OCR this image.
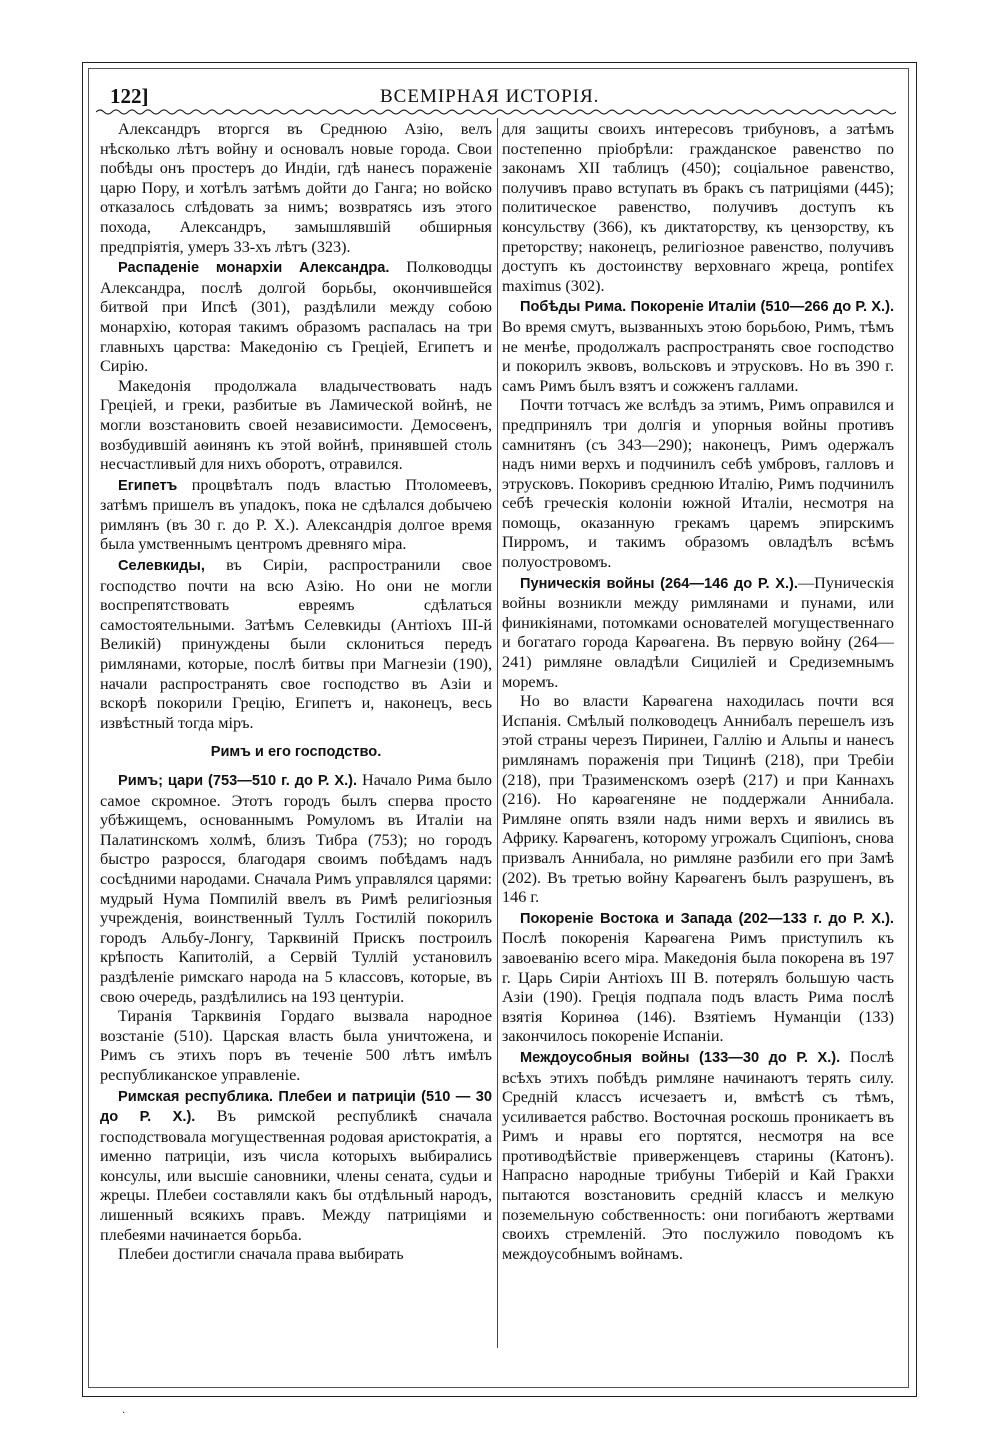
122]	ВСЕМIРНАЯ ИСТОРIЯ.

Александръ вторгся въ Среднюю Азію, велъ нѣсколько лѣтъ войну и основалъ новые города. Свои побѣды онъ простеръ до Индіи, гдѣ нанесъ пораженіе царю Пору, и хотѣлъ затѣмъ дойти до Ганга; но войско отказалось слѣдовать за нимъ; возвратясь изъ этого похода, Александръ, замышлявшій обширныя предпріятія, умеръ 33-хъ лѣтъ (323).

Распаденіе монархіи Александра. Полководцы Александра, послѣ долгой борьбы, окончившейся битвой при Ипсѣ (301), раздѣлили между собою монархію, которая такимъ образомъ распалась на три главныхъ царства: Македонію съ Греціей, Египетъ и Сирію.

Македонія продолжала владычествовать надъ Греціей, и греки, разбитые въ Ламической войнѣ, не могли возстановить своей независимости. Демосѳенъ, возбудившій аѳинянъ къ этой войнѣ, принявшей столь несчастливый для нихъ оборотъ, отравился.

Египетъ процвѣталъ подъ властью Птоломеевъ, затѣмъ пришелъ въ упадокъ, пока не сдѣлался добычею римлянъ (въ 30 г. до Р. Х.). Александрія долгое время была умственнымъ центромъ древняго міра.

Селевкиды, въ Сиріи, распространили свое господство почти на всю Азію. Но они не могли воспрепятствовать евреямъ сдѣлаться самостоятельными. Затѣмъ Селевкиды (Антіохъ III-й Великій) принуждены были склониться передъ римлянами, которые, послѣ битвы при Магнезіи (190), начали распространять свое господство въ Азіи и вскорѣ покорили Грецію, Египетъ и, наконецъ, весь извѣстный тогда міръ.

Римъ и его господство.

Римъ; цари (753—510 г. до Р. Х.). Начало Рима было самое скромное. Этотъ городъ былъ сперва просто убѣжищемъ, основаннымъ Ромуломъ въ Италіи на Палатинскомъ холмѣ, близъ Тибра (753); но городъ быстро разросся, благодаря своимъ побѣдамъ надъ сосѣдними народами. Сначала Римъ управлялся царями: мудрый Нума Помпилій ввелъ въ Римѣ религіозныя учрежденія, воинственный Туллъ Гостилій покорилъ городъ Альбу-Лонгу, Тарквиній Прискъ построилъ крѣпость Капитолій, а Сервій Туллій установилъ раздѣленіе римскаго народа на 5 классовъ, которые, въ свою очередь, раздѣлились на 193 центуріи.

Тиранія Тарквинія Гордаго вызвала народное возстаніе (510). Царская власть была уничтожена, и Римъ съ этихъ поръ въ теченіе 500 лѣтъ имѣлъ республиканское управленіе.

Римская республика. Плебеи и патриціи (510 — 30 до Р. Х.). Въ римской республикѣ сначала господствовала могущественная родовая аристократія, а именно патриціи, изъ числа которыхъ выбирались консулы, или высшіе сановники, члены сената, судьи и жрецы. Плебеи составляли какъ бы отдѣльный народъ, лишенный всякихъ правъ. Между патриціями и плебеями начинается борьба.

Плебеи достигли сначала права выбирать

для защиты своихъ интересовъ трибуновъ, а затѣмъ постепенно пріобрѣли: гражданское равенство по законамъ XII таблицъ (450); соціальное равенство, получивъ право вступать въ бракъ съ патриціями (445); политическое равенство, получивъ доступъ къ консульству (366), къ диктаторству, къ цензорству, къ преторству; наконецъ, религіозное равенство, получивъ доступъ къ достоинству верховнаго жреца, pontifex maximus (302).

Побѣды Рима. Покореніе Италіи (510—266 до Р. Х.). Во время смутъ, вызванныхъ этою борьбою, Римъ, тѣмъ не менѣе, продолжалъ распространять свое господство и покорилъ эквовъ, вольсковъ и этрусковъ. Но въ 390 г. самъ Римъ былъ взятъ и сожженъ галлами.

Почти тотчасъ же вслѣдъ за этимъ, Римъ оправился и предпринялъ три долгія и упорныя войны противъ самнитянъ (съ 343—290); наконецъ, Римъ одержалъ надъ ними верхъ и подчинилъ себѣ умбровъ, галловъ и этрусковъ. Покоривъ среднюю Италію, Римъ подчинилъ себѣ греческія колоніи южной Италіи, несмотря на помощь, оказанную грекамъ царемъ эпирскимъ Пирромъ, и такимъ образомъ овладѣлъ всѣмъ полуостровомъ.

Пуническія войны (264—146 до Р. Х.).—Пуническія войны возникли между римлянами и пунами, или финикіянами, потомками основателей могущественнаго и богатаго города Карѳагена. Въ первую войну (264—241) римляне овладѣли Сициліей и Средиземнымъ моремъ.

Но во власти Карѳагена находилась почти вся Испанія. Смѣлый полководецъ Аннибалъ перешелъ изъ этой страны черезъ Пиринеи, Галлію и Альпы и нанесъ римлянамъ пораженія при Тицинѣ (218), при Требіи (218), при Тразименскомъ озерѣ (217) и при Каннахъ (216). Но карѳагеняне не поддержали Аннибала. Римляне опять взяли надъ ними верхъ и явились въ Африку. Карѳагенъ, которому угрожалъ Сципіонъ, снова призвалъ Аннибала, но римляне разбили его при Замѣ (202). Въ третью войну Карѳагенъ былъ разрушенъ, въ 146 г.

Покореніе Востока и Запада (202—133 г. до Р. Х.). Послѣ покоренія Карѳагена Римъ приступилъ къ завоеванію всего міра. Македонія была покорена въ 197 г. Царь Сиріи Антіохъ III В. потерялъ большую часть Азіи (190). Греція подпала подъ власть Рима послѣ взятія Коринѳа (146). Взятіемъ Нуманціи (133) закончилось покореніе Испаніи.

Междоусобныя войны (133—30 до Р. Х.). Послѣ всѣхъ этихъ побѣдъ римляне начинаютъ терять силу. Средній классъ исчезаетъ и, вмѣстѣ съ тѣмъ, усиливается рабство. Восточная роскошь проникаетъ въ Римъ и нравы его портятся, несмотря на все противодѣйствіе приверженцевъ старины (Катонъ). Напрасно народные трибуны Тиберій и Кай Гракхи пытаются возстановить средній классъ и мелкую поземельную собственность: они погибаютъ жертвами своихъ стремленій. Это послужило поводомъ къ междоусобнымъ войнамъ.

·
